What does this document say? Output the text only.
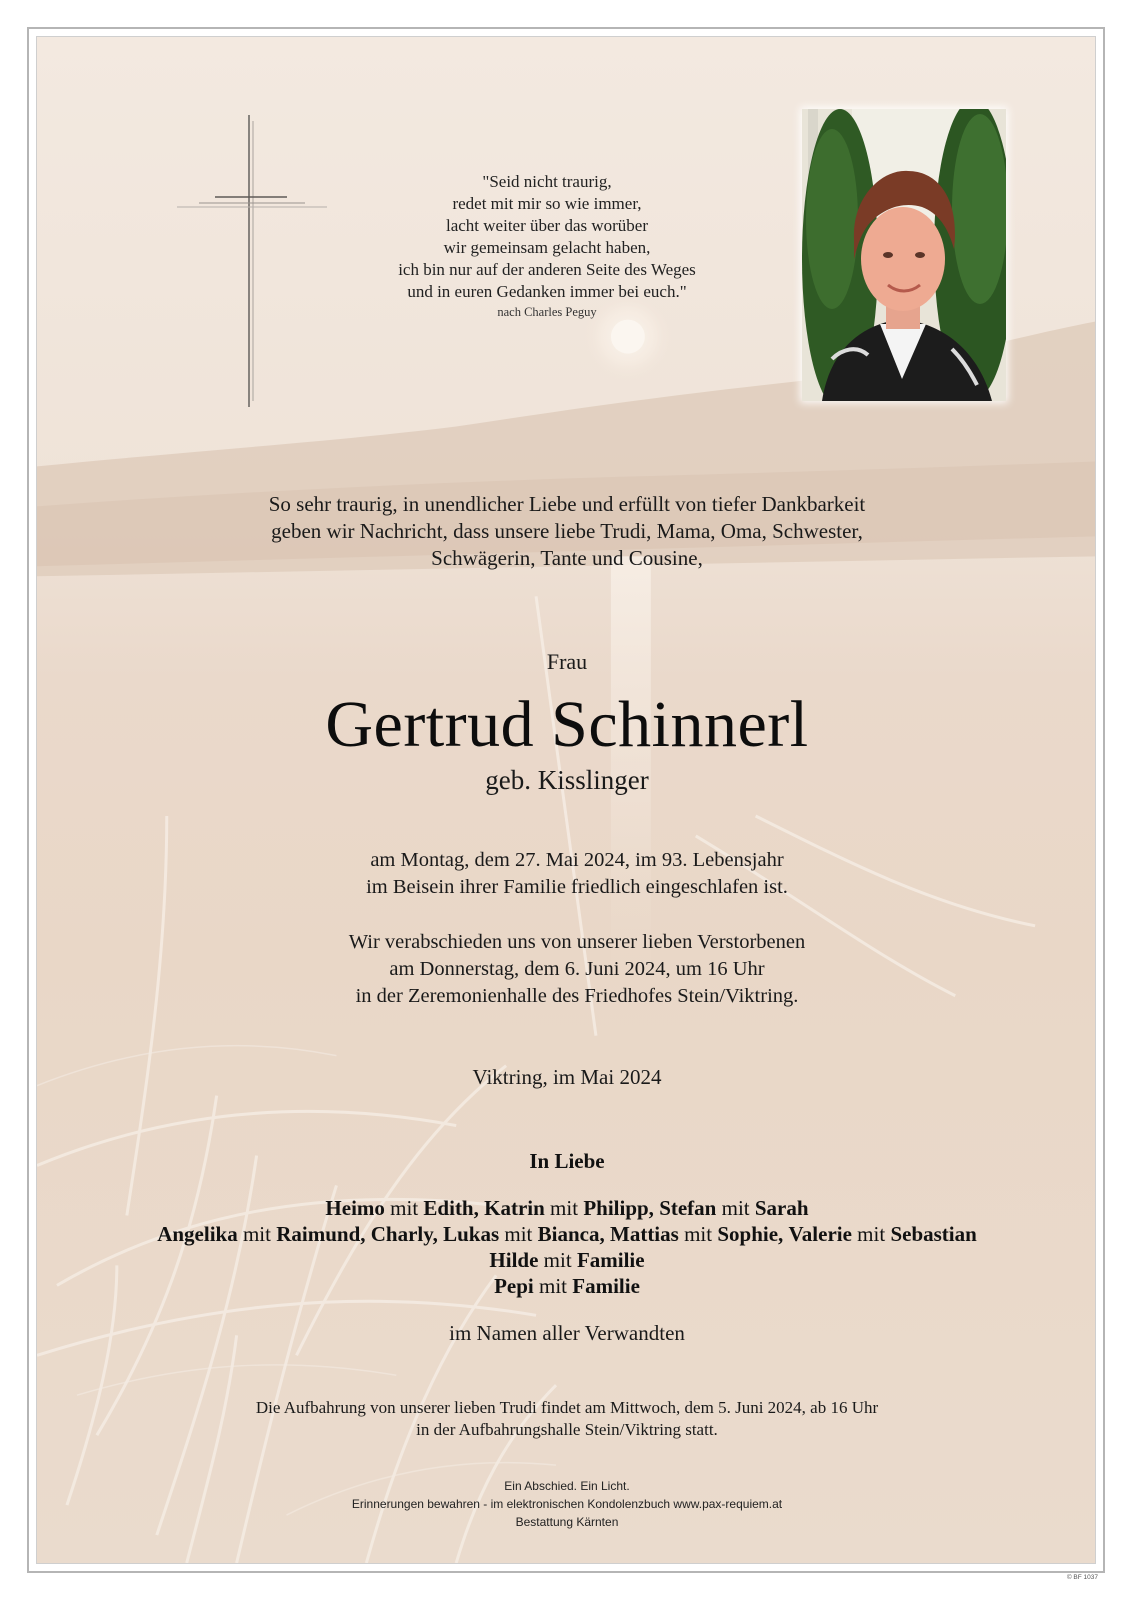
"Seid nicht traurig,
redet mit mir so wie immer,
lacht weiter über das worüber
wir gemeinsam gelacht haben,
ich bin nur auf der anderen Seite des Weges
und in euren Gedanken immer bei euch."
nach Charles Peguy
So sehr traurig, in unendlicher Liebe und erfüllt von tiefer Dankbarkeit
geben wir Nachricht, dass unsere liebe Trudi, Mama, Oma, Schwester,
Schwägerin, Tante und Cousine,
Frau
Gertrud Schinnerl
geb. Kisslinger
am Montag, dem 27. Mai 2024, im 93. Lebensjahr
im Beisein ihrer Familie friedlich eingeschlafen ist.
Wir verabschieden uns von unserer lieben Verstorbenen
am Donnerstag, dem 6. Juni 2024, um 16 Uhr
in der Zeremonienhalle des Friedhofes Stein/Viktring.
Viktring, im Mai 2024
In Liebe
Heimo mit Edith, Katrin mit Philipp, Stefan mit Sarah
Angelika mit Raimund, Charly, Lukas mit Bianca, Mattias mit Sophie, Valerie mit Sebastian
Hilde mit Familie
Pepi mit Familie
im Namen aller Verwandten
Die Aufbahrung von unserer lieben Trudi findet am Mittwoch, dem 5. Juni 2024, ab 16 Uhr
in der Aufbahrungshalle Stein/Viktring statt.
Ein Abschied. Ein Licht.
Erinnerungen bewahren - im elektronischen Kondolenzbuch www.pax-requiem.at
Bestattung Kärnten
© BF 1037
